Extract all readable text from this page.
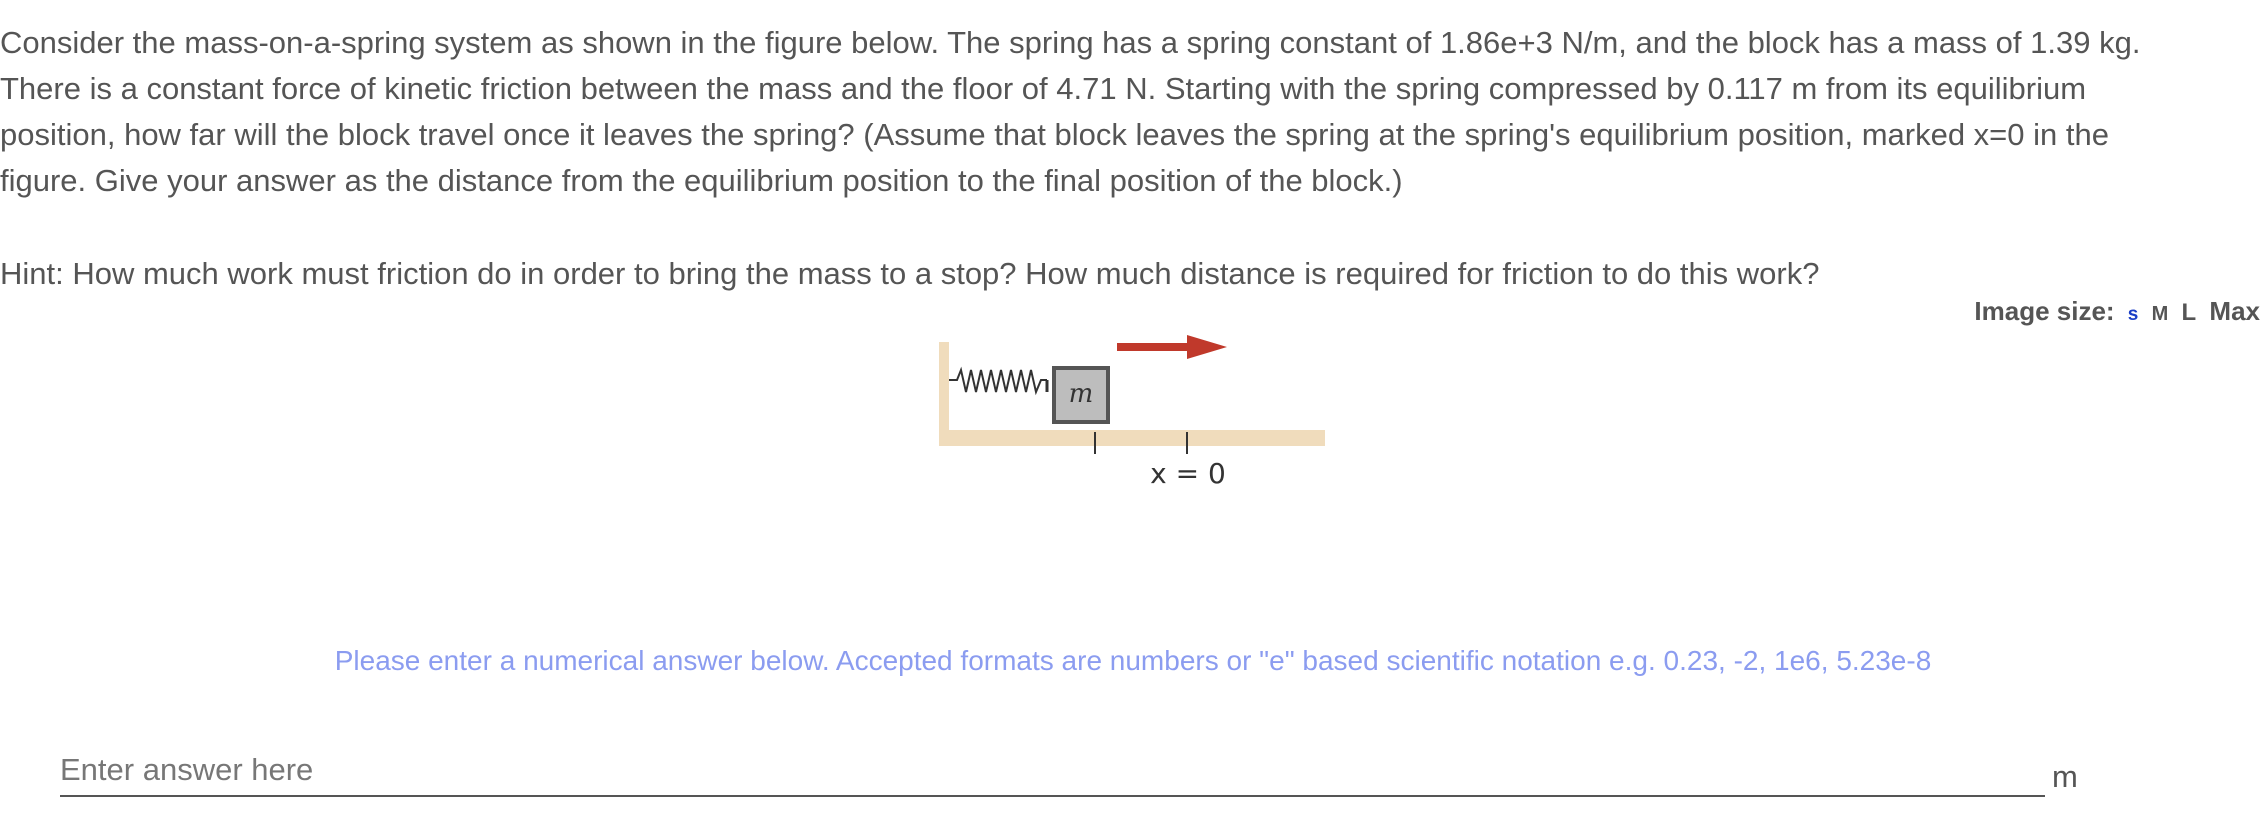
Consider the mass-on-a-spring system as shown in the figure below. The spring has a spring constant of 1.86e+3 N/m, and the block has a mass of 1.39 kg.

There is a constant force of kinetic friction between the mass and the floor of 4.71 N. Starting with the spring compressed by 0.117 m from its equilibrium

position, how far will the block travel once it leaves the spring? (Assume that block leaves the spring at the spring's equilibrium position, marked x=0 in the

figure. Give your answer as the distance from the equilibrium position to the final position of the block.)

Hint: How much work must friction do in order to bring the mass to a stop? How much distance is required for friction to do this work?
Image size: s M L Max
m
x = 0
Please enter a numerical answer below. Accepted formats are numbers or "e" based scientific notation e.g. 0.23, -2, 1e6, 5.23e-8
Enter answer here
m
